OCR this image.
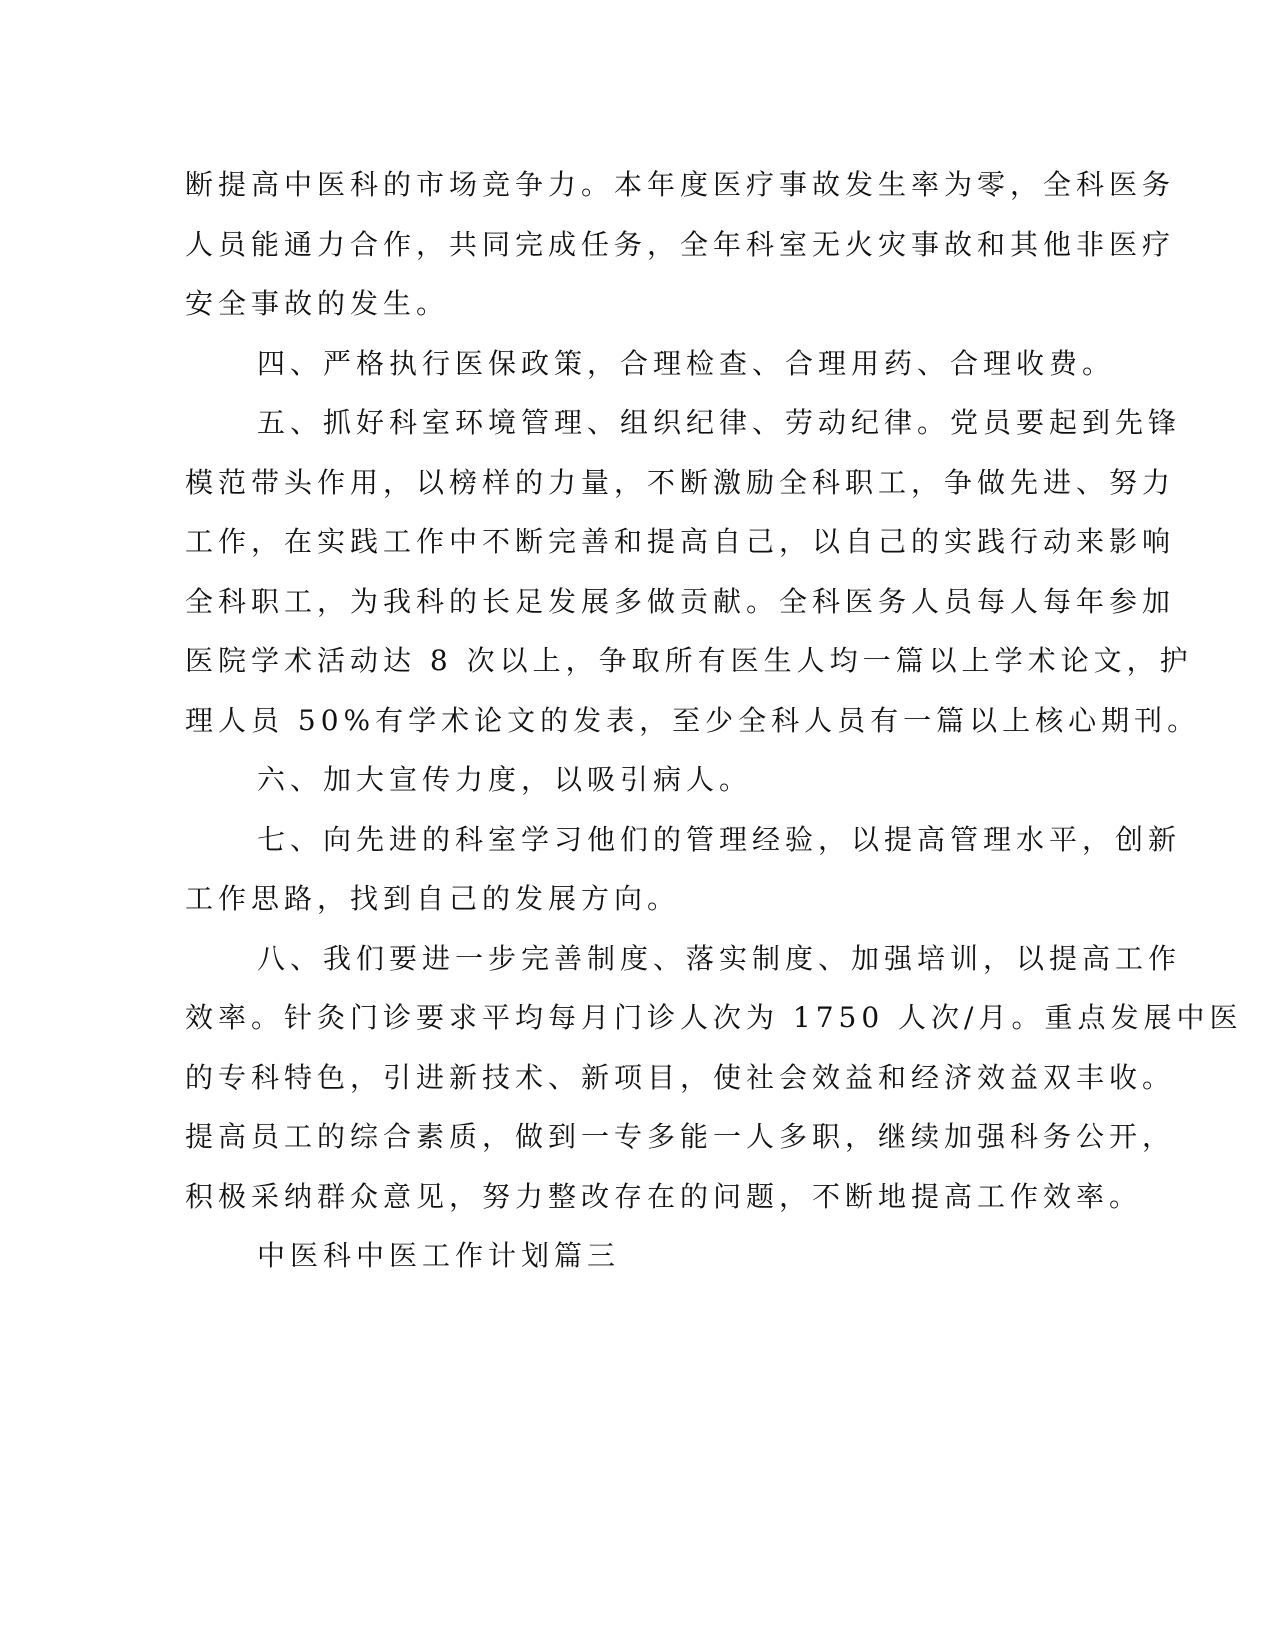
断提高中医科的市场竞争力。本年度医疗事故发生率为零，全科医务

人员能通力合作，共同完成任务，全年科室无火灾事故和其他非医疗

安全事故的发生。

四、严格执行医保政策，合理检查、合理用药、合理收费。

五、抓好科室环境管理、组织纪律、劳动纪律。党员要起到先锋

模范带头作用，以榜样的力量，不断激励全科职工，争做先进、努力

工作，在实践工作中不断完善和提高自己，以自己的实践行动来影响

全科职工，为我科的长足发展多做贡献。全科医务人员每人每年参加

医院学术活动达 8 次以上，争取所有医生人均一篇以上学术论文，护

理人员 50%有学术论文的发表，至少全科人员有一篇以上核心期刊。

六、加大宣传力度，以吸引病人。

七、向先进的科室学习他们的管理经验，以提高管理水平，创新

工作思路，找到自己的发展方向。

八、我们要进一步完善制度、落实制度、加强培训，以提高工作

效率。针灸门诊要求平均每月门诊人次为 1750 人次/月。重点发展中医

的专科特色，引进新技术、新项目，使社会效益和经济效益双丰收。

提高员工的综合素质，做到一专多能一人多职，继续加强科务公开，

积极采纳群众意见，努力整改存在的问题，不断地提高工作效率。

中医科中医工作计划篇三
